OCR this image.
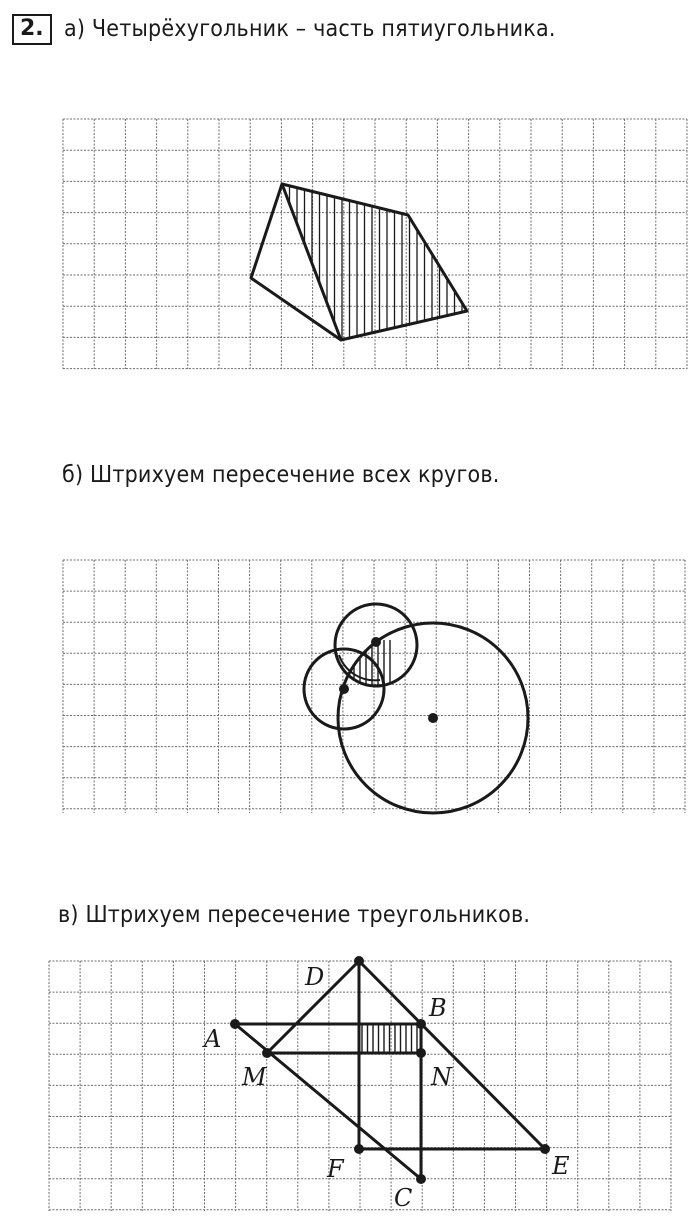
2. а) Четырёхугольник – часть пятиугольника.
б) Штрихуем пересечение всех кругов.
в) Штрихуем пересечение треугольников.
A
B
C
D
E
F
M	N
